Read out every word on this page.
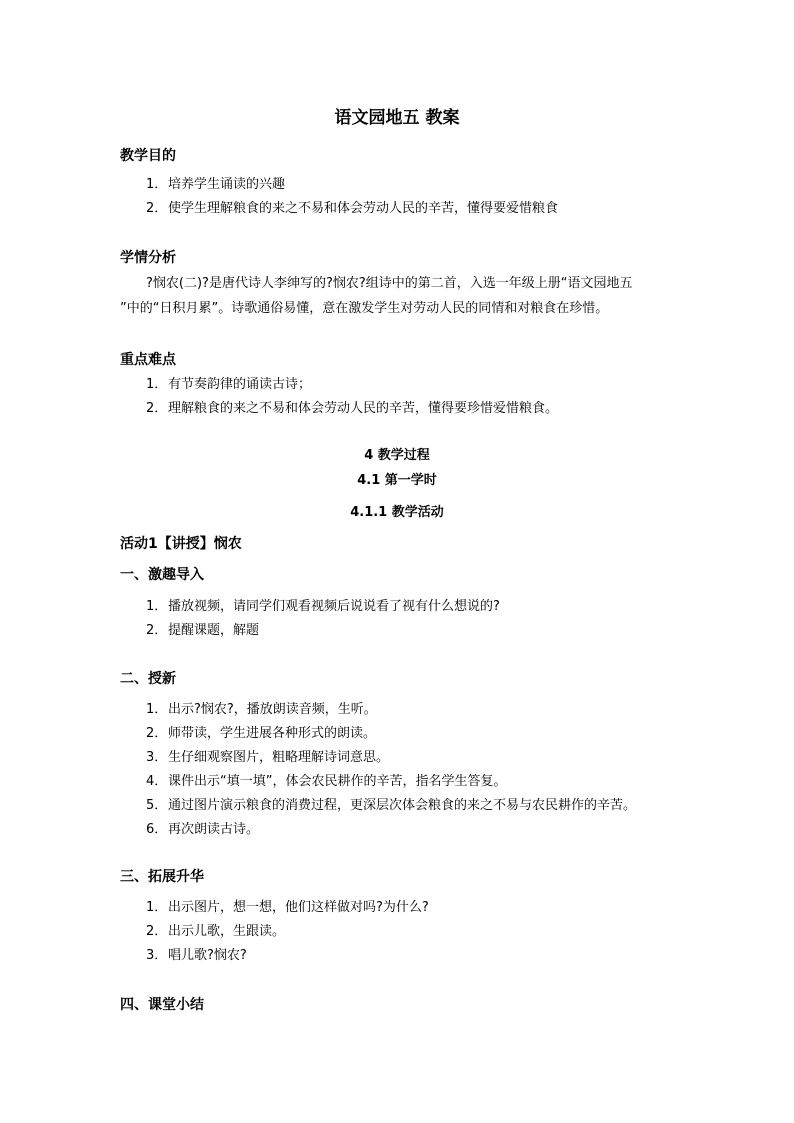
语文园地五 教案
教学目的
1．培养学生诵读的兴趣
2．使学生理解粮食的来之不易和体会劳动人民的辛苦，懂得要爱惜粮食
学情分析
?悯农(二)?是唐代诗人李绅写的?悯农?组诗中的第二首，入选一年级上册“语文园地五
”中的“日积月累”。诗歌通俗易懂，意在激发学生对劳动人民的同情和对粮食在珍惜。
重点难点
1．有节奏韵律的诵读古诗；
2．理解粮食的来之不易和体会劳动人民的辛苦，懂得要珍惜爱惜粮食。
4 教学过程
4.1 第一学时
4.1.1 教学活动
活动1【讲授】悯农
一、激趣导入
1．播放视频，请同学们观看视频后说说看了视有什么想说的?
2．提醒课题，解题
二、授新
1．出示?悯农?，播放朗读音频，生听。
2．师带读，学生进展各种形式的朗读。
3．生仔细观察图片，粗略理解诗词意思。
4．课件出示“填一填”，体会农民耕作的辛苦，指名学生答复。
5．通过图片演示粮食的消费过程，更深层次体会粮食的来之不易与农民耕作的辛苦。
6．再次朗读古诗。
三、拓展升华
1．出示图片，想一想，他们这样做对吗?为什么?
2．出示儿歌，生跟读。
3．唱儿歌?悯农?
四、课堂小结
